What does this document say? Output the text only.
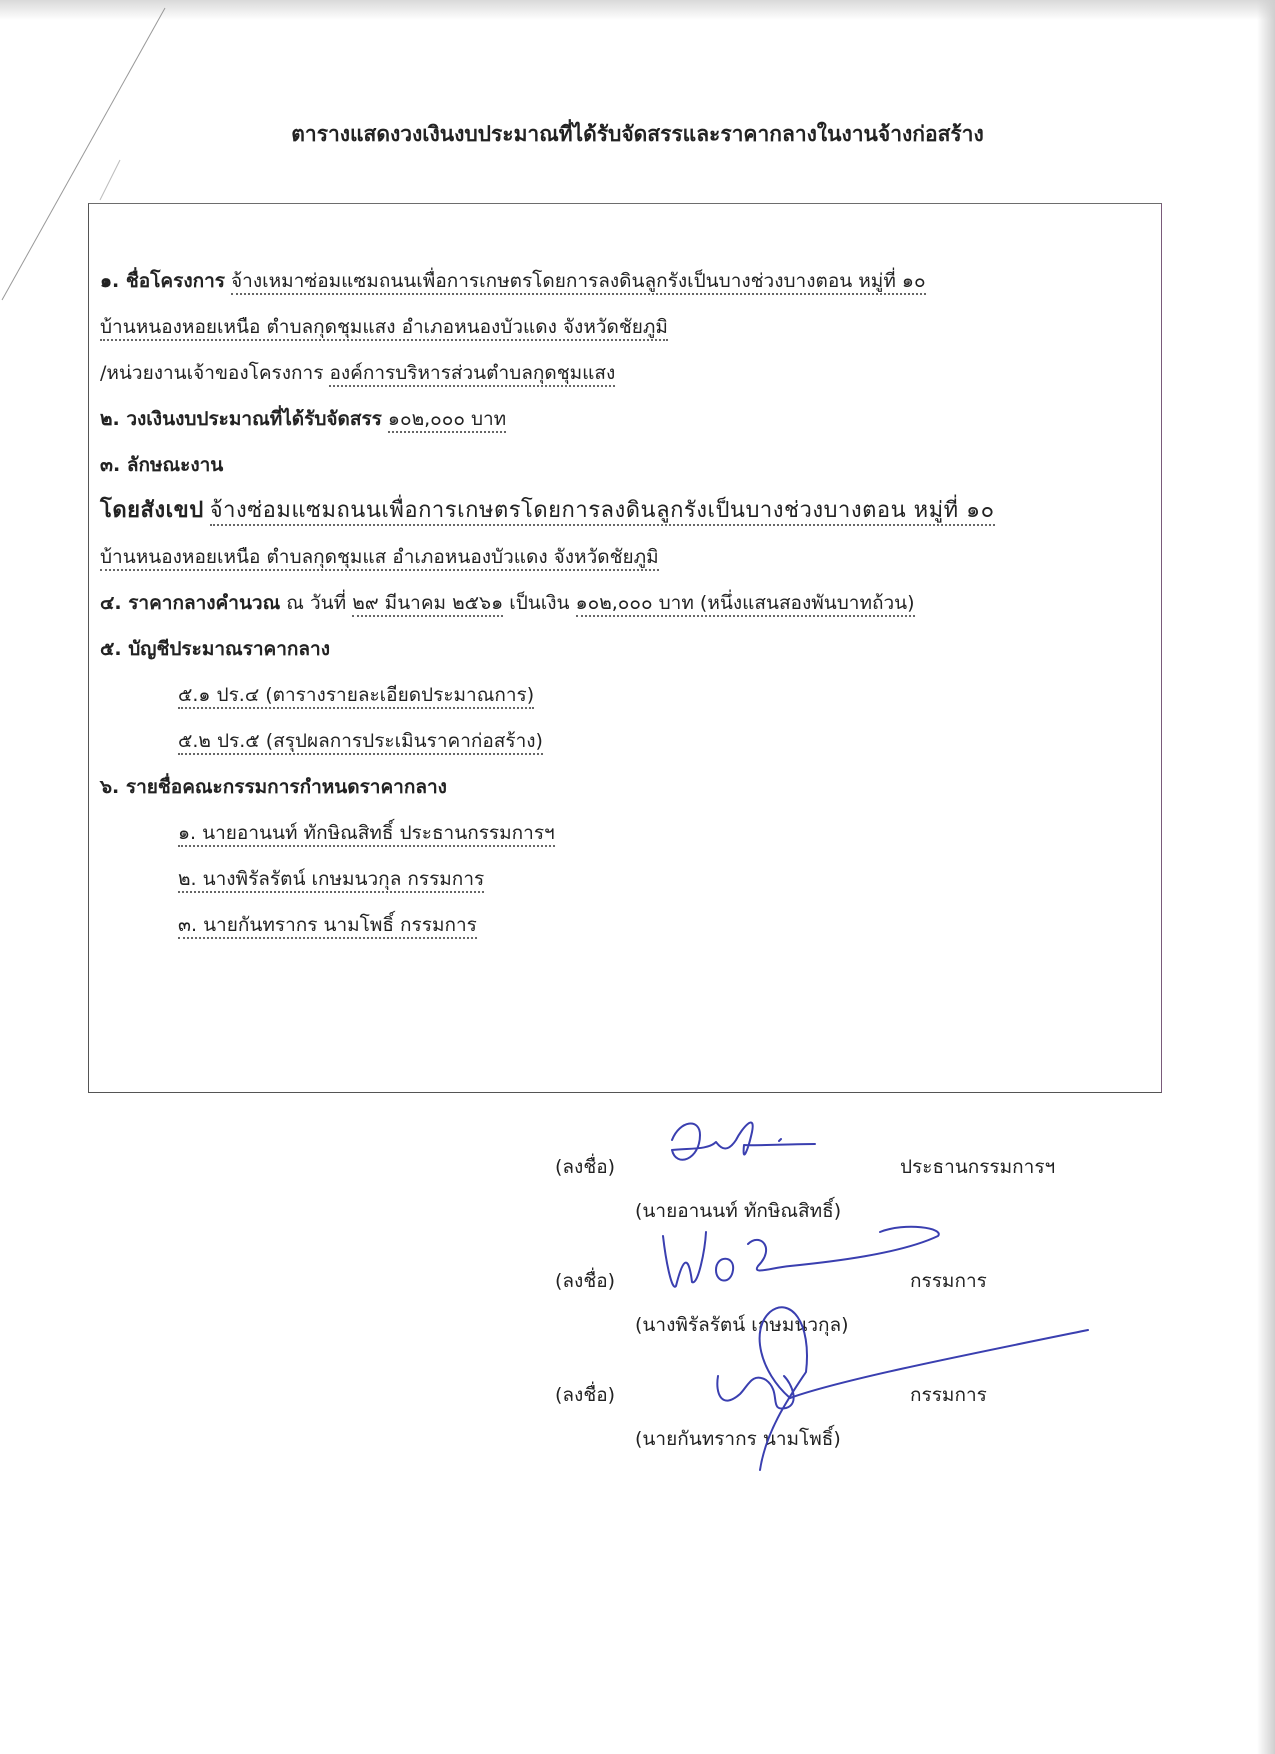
ตารางแสดงวงเงินงบประมาณที่ได้รับจัดสรรและราคากลางในงานจ้างก่อสร้าง
๑. ชื่อโครงการ จ้างเหมาซ่อมแซมถนนเพื่อการเกษตรโดยการลงดินลูกรังเป็นบางช่วงบางตอน หมู่ที่ ๑๐
บ้านหนองหอยเหนือ ตำบลกุดชุมแสง อำเภอหนองบัวแดง จังหวัดชัยภูมิ
/หน่วยงานเจ้าของโครงการ องค์การบริหารส่วนตำบลกุดชุมแสง
๒. วงเงินงบประมาณที่ได้รับจัดสรร ๑๐๒,๐๐๐ บาท
๓. ลักษณะงาน
โดยสังเขป จ้างซ่อมแซมถนนเพื่อการเกษตรโดยการลงดินลูกรังเป็นบางช่วงบางตอน หมู่ที่ ๑๐
บ้านหนองหอยเหนือ ตำบลกุดชุมแส อำเภอหนองบัวแดง จังหวัดชัยภูมิ
๔. ราคากลางคำนวณ ณ วันที่ ๒๙ มีนาคม ๒๕๖๑ เป็นเงิน ๑๐๒,๐๐๐ บาท (หนึ่งแสนสองพันบาทถ้วน)
๕. บัญชีประมาณราคากลาง
๕.๑ ปร.๔ (ตารางรายละเอียดประมาณการ)
๕.๒ ปร.๕ (สรุปผลการประเมินราคาก่อสร้าง)
๖. รายชื่อคณะกรรมการกำหนดราคากลาง
๑. นายอานนท์ ทักษิณสิทธิ์ ประธานกรรมการฯ
๒. นางพิรัลรัตน์ เกษมนวกุล กรรมการ
๓. นายกันทรากร นามโพธิ์ กรรมการ
(ลงชื่อ)	ประธานกรรมการฯ
(นายอานนท์ ทักษิณสิทธิ์)
(ลงชื่อ)	กรรมการ
(นางพิรัลรัตน์ เกษมนวกุล)
(ลงชื่อ)	กรรมการ
(นายกันทรากร นามโพธิ์)
